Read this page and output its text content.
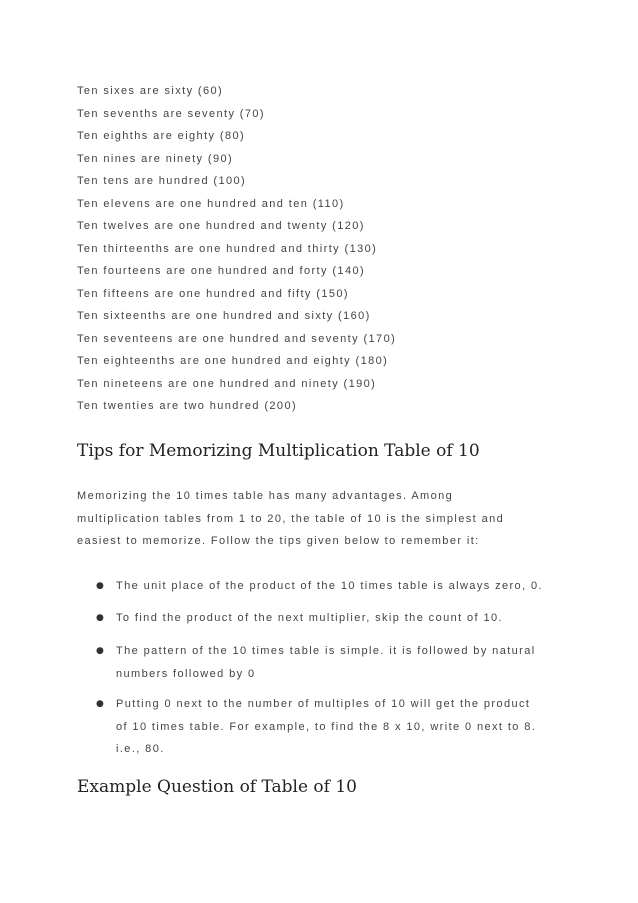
Ten sixes are sixty (60)
Ten sevenths are seventy (70)
Ten eighths are eighty (80)
Ten nines are ninety (90)
Ten tens are hundred (100)
Ten elevens are one hundred and ten (110)
Ten twelves are one hundred and twenty (120)
Ten thirteenths are one hundred and thirty (130)
Ten fourteens are one hundred and forty (140)
Ten fifteens are one hundred and fifty (150)
Ten sixteenths are one hundred and sixty (160)
Ten seventeens are one hundred and seventy (170)
Ten eighteenths are one hundred and eighty (180)
Ten nineteens are one hundred and ninety (190)
Ten twenties are two hundred (200)
Tips for Memorizing Multiplication Table of 10

Memorizing the 10 times table has many advantages. Among
multiplication tables from 1 to 20, the table of 10 is the simplest and
easiest to memorize. Follow the tips given below to remember it:

● The unit place of the product of the 10 times table is always zero, 0.
● To find the product of the next multiplier, skip the count of 10.
● The pattern of the 10 times table is simple. it is followed by natural
numbers followed by 0
● Putting 0 next to the number of multiples of 10 will get the product
of 10 times table. For example, to find the 8 x 10, write 0 next to 8.
i.e., 80.
Example Question of Table of 10
